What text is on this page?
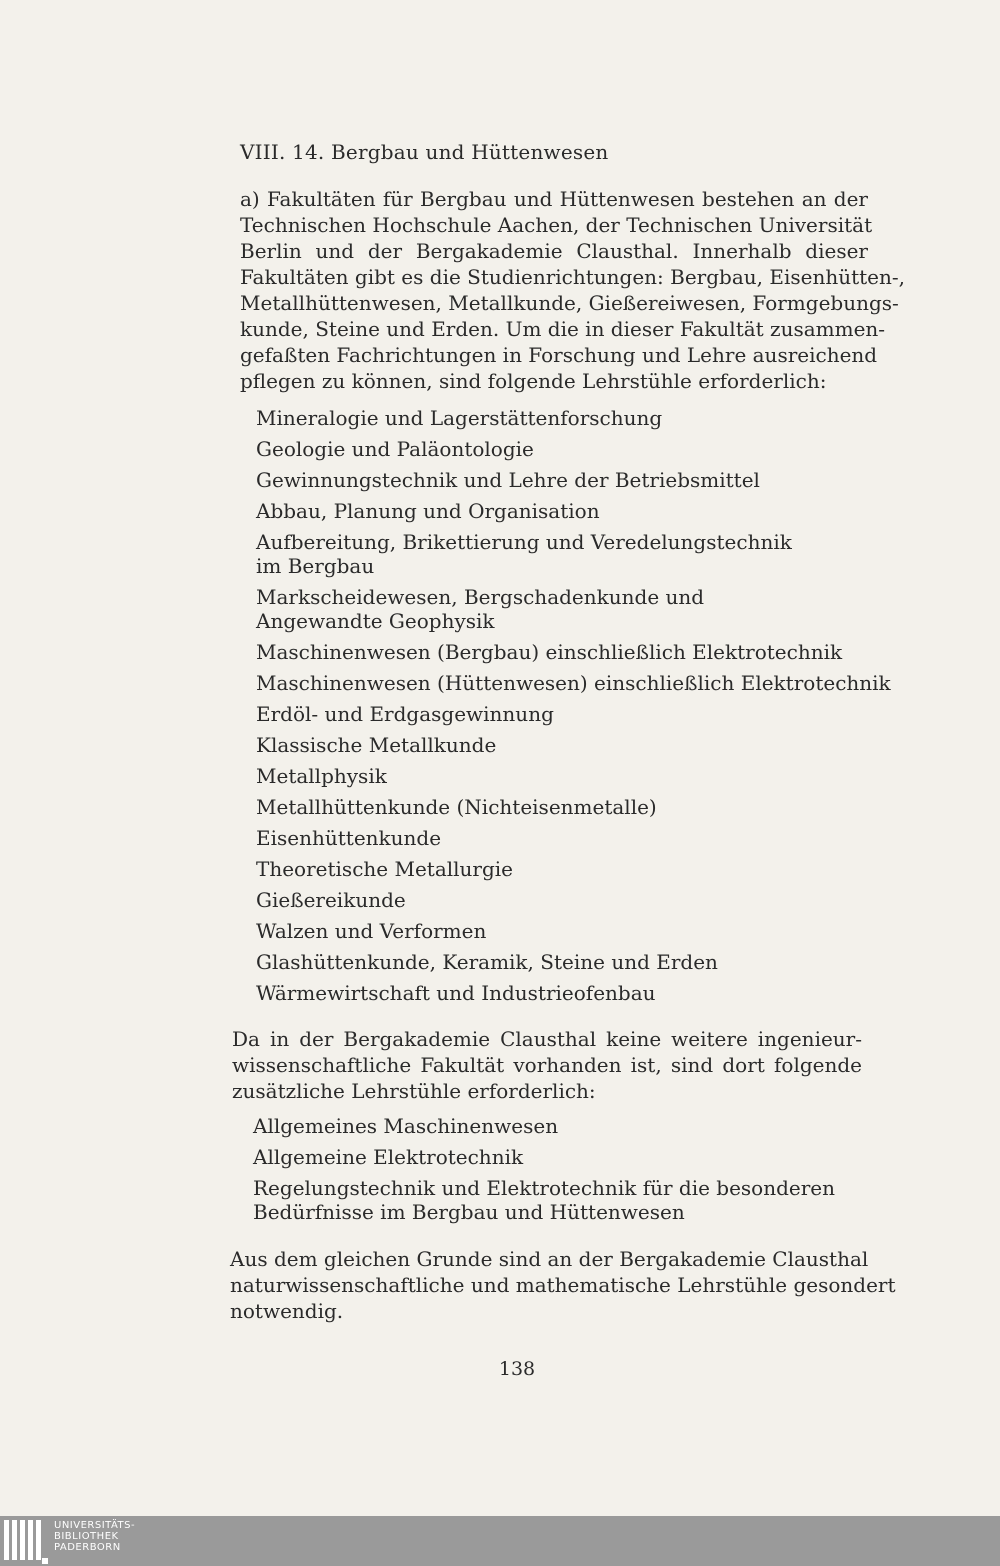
VIII. 14. Bergbau und Hüttenwesen

a) Fakultäten für Bergbau und Hüttenwesen bestehen an der
Technischen Hochschule Aachen, der Technischen Universität
Berlin und der Bergakademie Clausthal. Innerhalb dieser
Fakultäten gibt es die Studienrichtungen: Bergbau, Eisenhütten-,
Metallhüttenwesen, Metallkunde, Gießereiwesen, Formgebungs-
kunde, Steine und Erden. Um die in dieser Fakultät zusammen-
gefaßten Fachrichtungen in Forschung und Lehre ausreichend
pflegen zu können, sind folgende Lehrstühle erforderlich:

Mineralogie und Lagerstättenforschung
Geologie und Paläontologie
Gewinnungstechnik und Lehre der Betriebsmittel
Abbau, Planung und Organisation
Aufbereitung, Brikettierung und Veredelungstechnik
im Bergbau
Markscheidewesen, Bergschadenkunde und
Angewandte Geophysik
Maschinenwesen (Bergbau) einschließlich Elektrotechnik
Maschinenwesen (Hüttenwesen) einschließlich Elektrotechnik
Erdöl- und Erdgasgewinnung
Klassische Metallkunde
Metallphysik
Metallhüttenkunde (Nichteisenmetalle)
Eisenhüttenkunde
Theoretische Metallurgie
Gießereikunde
Walzen und Verformen
Glashüttenkunde, Keramik, Steine und Erden
Wärmewirtschaft und Industrieofenbau

Da in der Bergakademie Clausthal keine weitere ingenieur-
wissenschaftliche Fakultät vorhanden ist, sind dort folgende
zusätzliche Lehrstühle erforderlich:

Allgemeines Maschinenwesen
Allgemeine Elektrotechnik
Regelungstechnik und Elektrotechnik für die besonderen
Bedürfnisse im Bergbau und Hüttenwesen

Aus dem gleichen Grunde sind an der Bergakademie Clausthal
naturwissenschaftliche und mathematische Lehrstühle gesondert
notwendig.

138
UNIVERSITÄTS-
BIBLIOTHEK
PADERBORN
